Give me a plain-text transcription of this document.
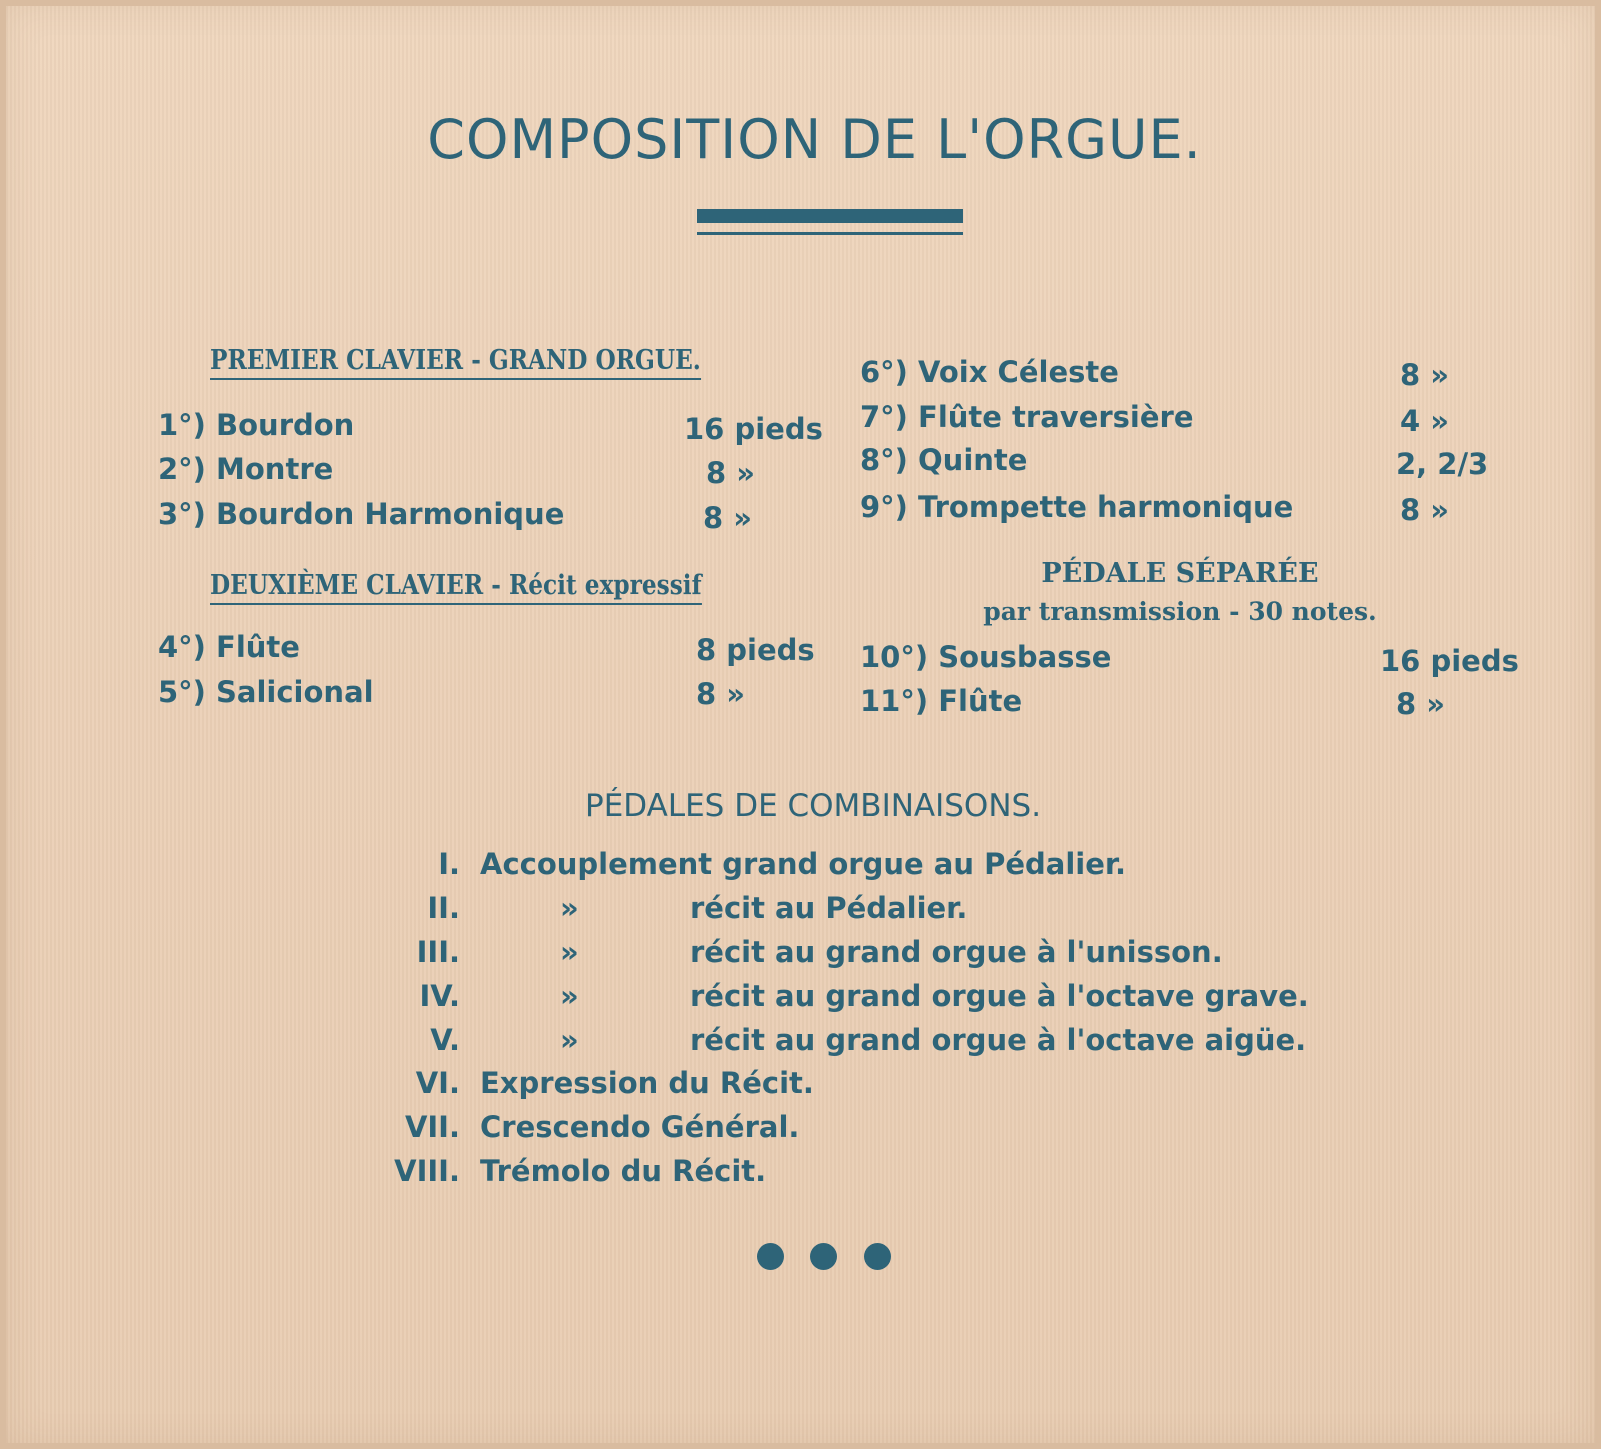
COMPOSITION DE L'ORGUE.
PREMIER CLAVIER - GRAND ORGUE.
1°) Bourdon	16 pieds
2°) Montre	8 »
3°) Bourdon Harmonique	8 »
DEUXIÈME CLAVIER - Récit expressif
4°) Flûte	8 pieds
5°) Salicional	8 »
6°) Voix Céleste	8 »
7°) Flûte traversière	4 »
8°) Quinte	2, 2/3
9°) Trompette harmonique	8 »
PÉDALE SÉPARÉE
par transmission - 30 notes.
10°) Sousbasse	16 pieds
11°) Flûte	8 »
PÉDALES DE COMBINAISONS.
I. Accouplement grand orgue au Pédalier.
II.	»	récit au Pédalier.
III.	»	récit au grand orgue à l'unisson.
IV.	»	récit au grand orgue à l'octave grave.
V.	»	récit au grand orgue à l'octave aigüe.
VI. Expression du Récit.
VII. Crescendo Général.
VIII. Trémolo du Récit.
